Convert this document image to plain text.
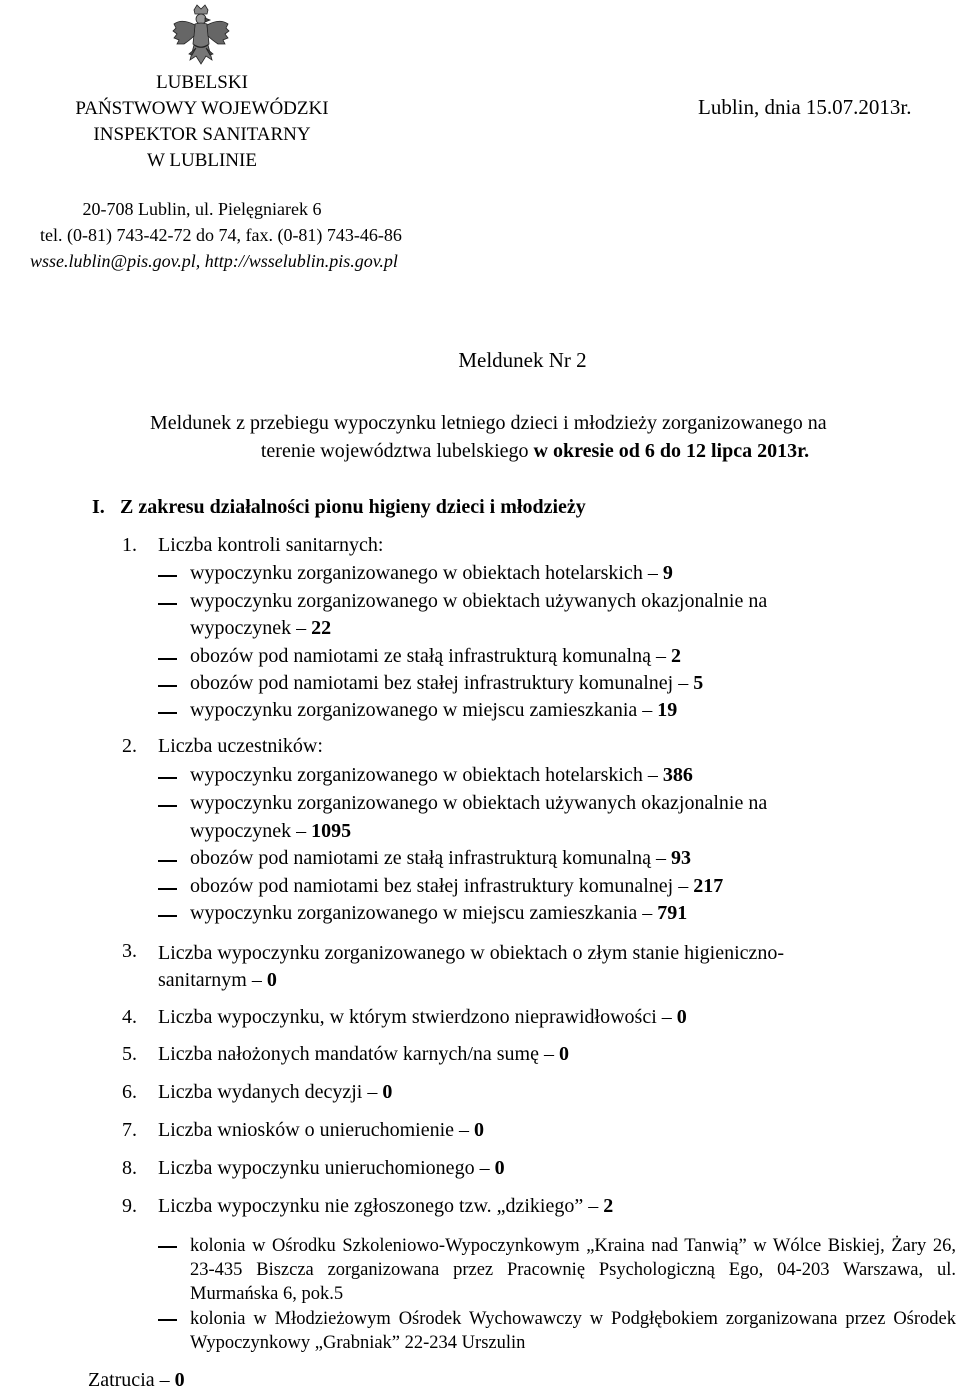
LUBELSKI
PAŃSTWOWY WOJEWÓDZKI
INSPEKTOR SANITARNY
W LUBLINIE
Lublin, dnia 15.07.2013r.
20-708 Lublin, ul. Pielęgniarek 6
tel. (0-81) 743-42-72 do 74, fax. (0-81) 743-46-86
wsse.lublin@pis.gov.pl, http://wsselublin.pis.gov.pl
Meldunek Nr 2
Meldunek z przebiegu wypoczynku letniego dzieci i młodzieży zorganizowanego na
terenie województwa lubelskiego w okresie od 6 do 12 lipca 2013r.
I. Z zakresu działalności pionu higieny dzieci i młodzieży
1. Liczba kontroli sanitarnych:
wypoczynku zorganizowanego w obiektach hotelarskich – 9
wypoczynku zorganizowanego w obiektach używanych okazjonalnie na
wypoczynek – 22
obozów pod namiotami ze stałą infrastrukturą komunalną – 2
obozów pod namiotami bez stałej infrastruktury komunalnej – 5
wypoczynku zorganizowanego w miejscu zamieszkania – 19
2. Liczba uczestników:
wypoczynku zorganizowanego w obiektach hotelarskich – 386
wypoczynku zorganizowanego w obiektach używanych okazjonalnie na
wypoczynek – 1095
obozów pod namiotami ze stałą infrastrukturą komunalną – 93
obozów pod namiotami bez stałej infrastruktury komunalnej – 217
wypoczynku zorganizowanego w miejscu zamieszkania – 791
3. Liczba wypoczynku zorganizowanego w obiektach o złym stanie higieniczno-
sanitarnym – 0
4. Liczba wypoczynku, w którym stwierdzono nieprawidłowości – 0
5. Liczba nałożonych mandatów karnych/na sumę – 0
6. Liczba wydanych decyzji – 0
7. Liczba wniosków o unieruchomienie – 0
8. Liczba wypoczynku unieruchomionego – 0
9. Liczba wypoczynku nie zgłoszonego tzw. „dzikiego” – 2
kolonia w Ośrodku Szkoleniowo-Wypoczynkowym „Kraina nad Tanwią” w Wólce Biskiej, Żary 26, 23-435 Biszcza zorganizowana przez Pracownię Psychologiczną Ego, 04-203 Warszawa, ul. Murmańska 6, pok.5
kolonia w Młodzieżowym Ośrodek Wychowawczy w Podgłębokiem zorganizowana przez Ośrodek Wypoczynkowy „Grabniak” 22-234 Urszulin
Zatrucia – 0
